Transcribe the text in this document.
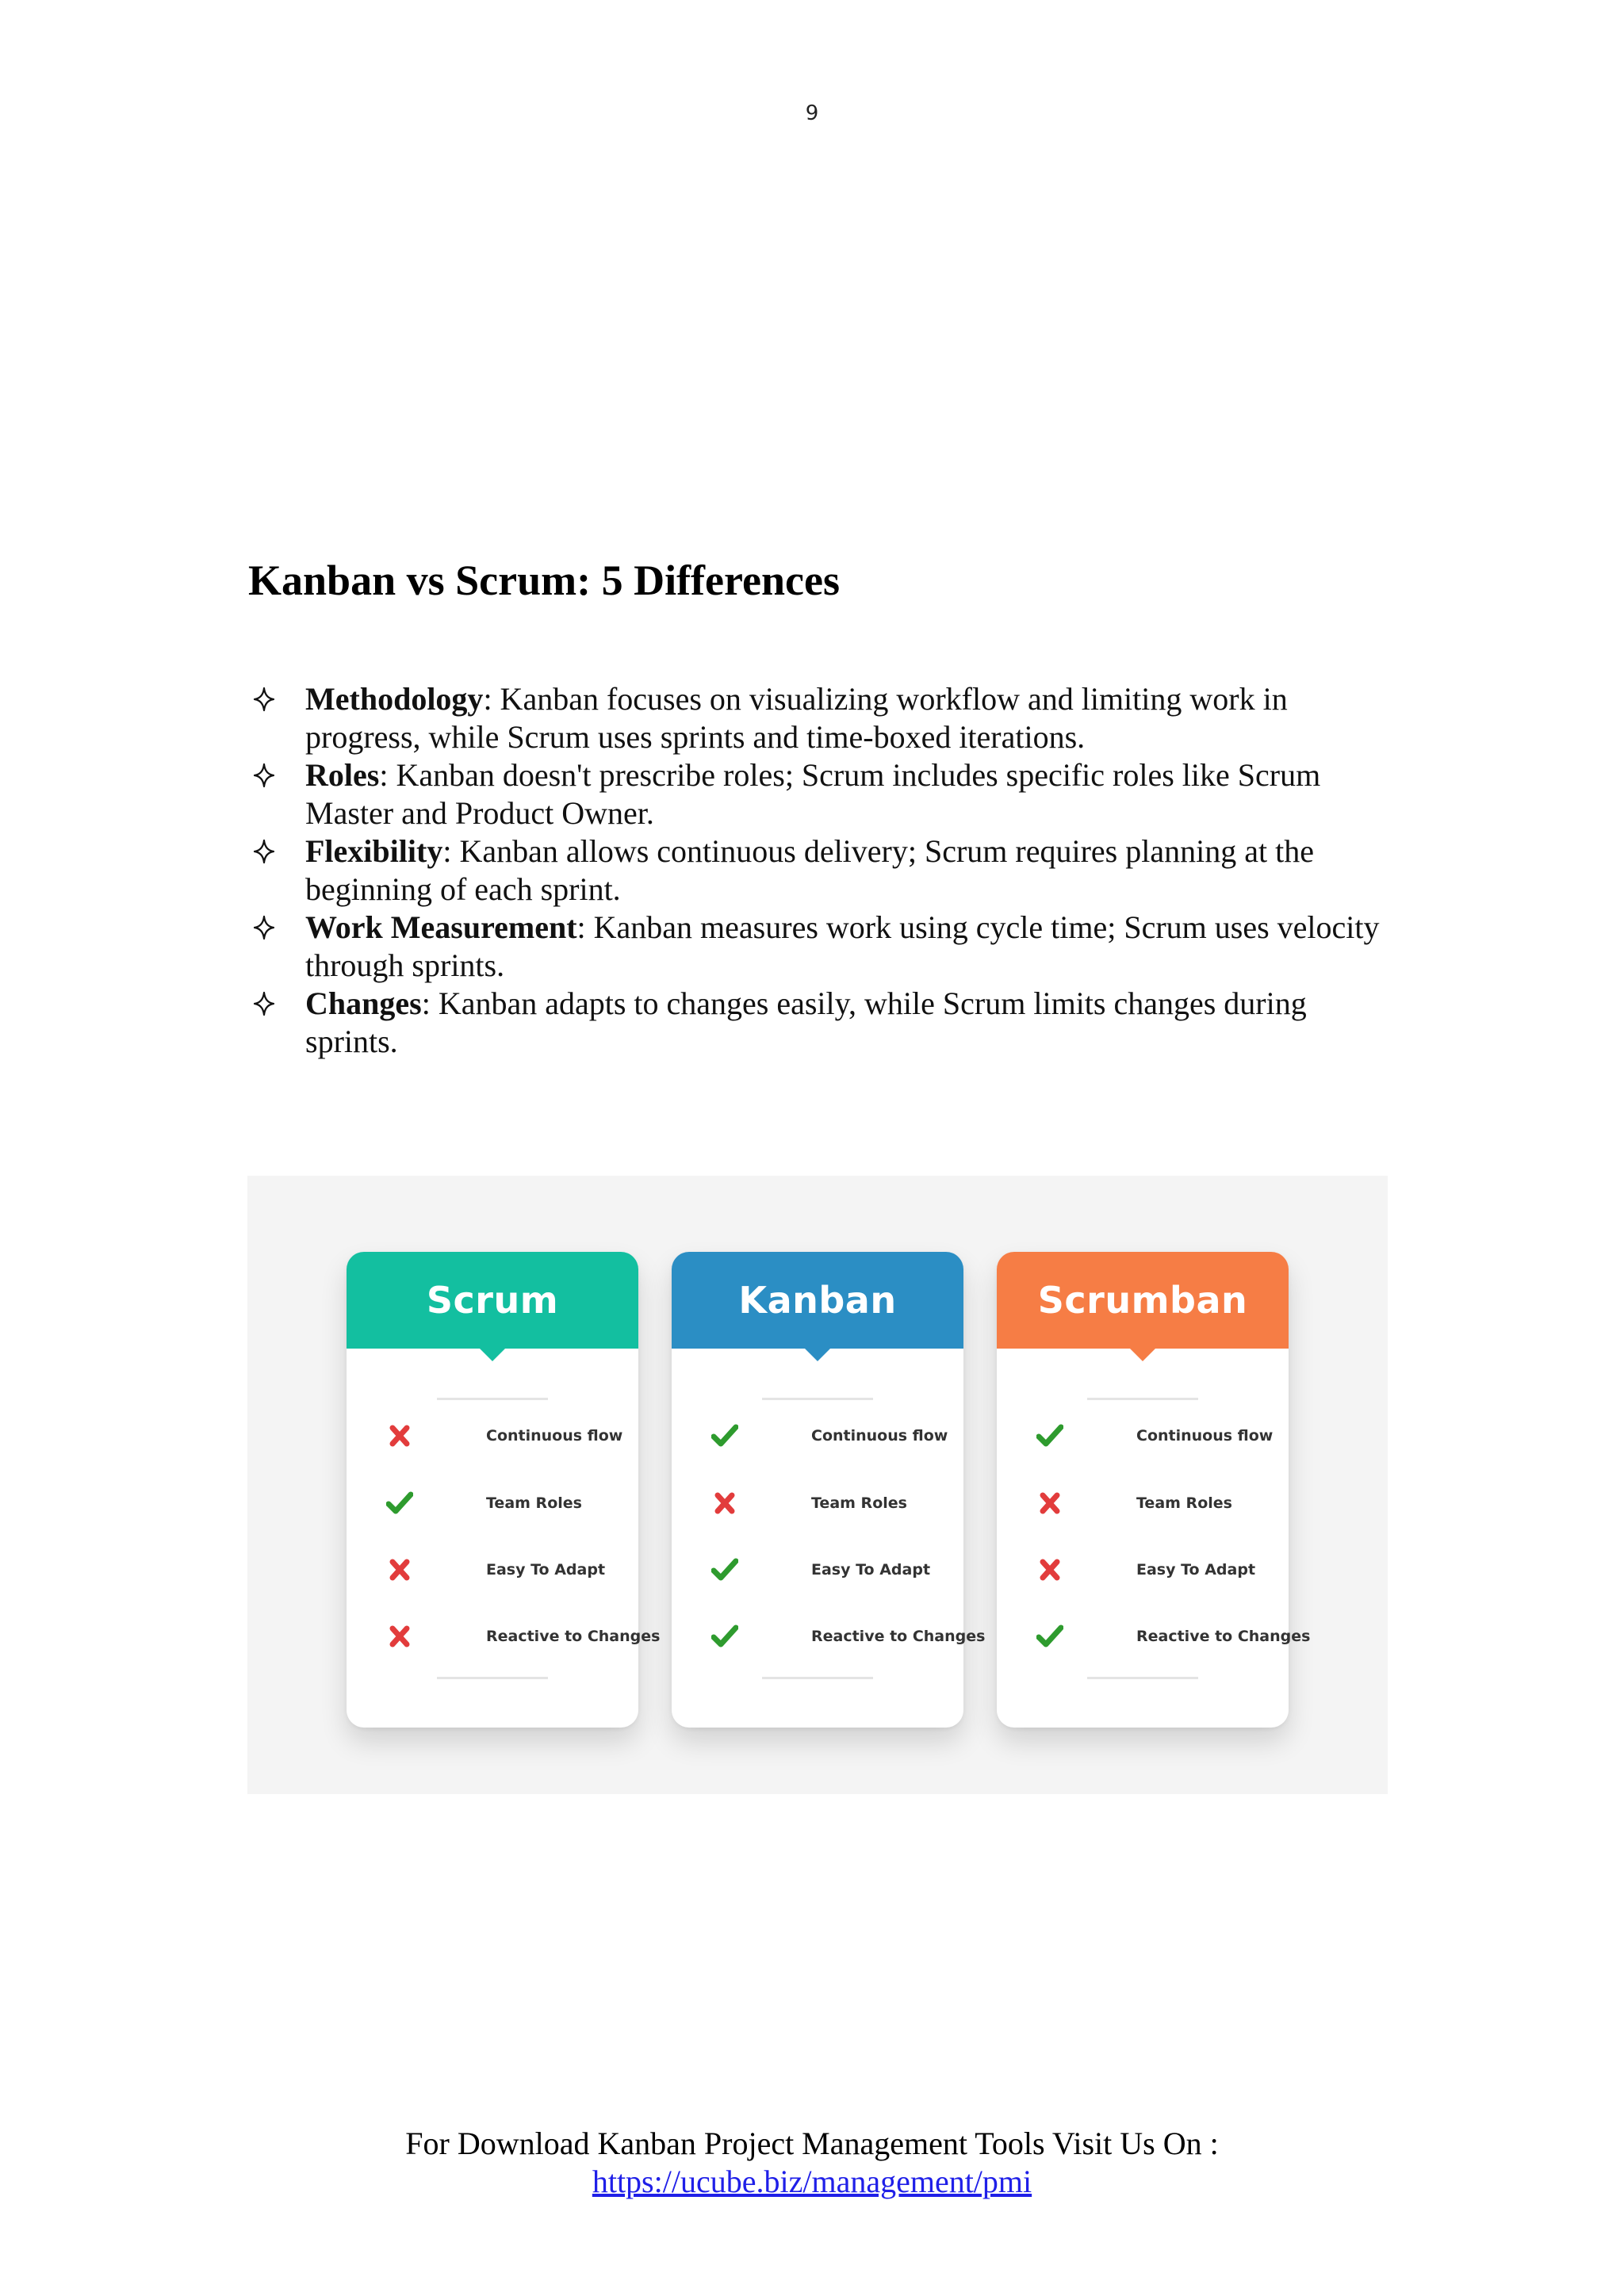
9
Kanban vs Scrum: 5 Differences
Methodology: Kanban focuses on visualizing workflow and limiting work in progress, while Scrum uses sprints and time-boxed iterations.
Roles: Kanban doesn't prescribe roles; Scrum includes specific roles like Scrum Master and Product Owner.
Flexibility: Kanban allows continuous delivery; Scrum requires planning at the beginning of each sprint.
Work Measurement: Kanban measures work using cycle time; Scrum uses velocity through sprints.
Changes: Kanban adapts to changes easily, while Scrum limits changes during sprints.
Scrum
Continuous flow
Team Roles
Easy To Adapt
Reactive to Changes
Kanban
Continuous flow
Team Roles
Easy To Adapt
Reactive to Changes
Scrumban
Continuous flow
Team Roles
Easy To Adapt
Reactive to Changes
For Download Kanban Project Management Tools Visit Us On :
https://ucube.biz/management/pmi
